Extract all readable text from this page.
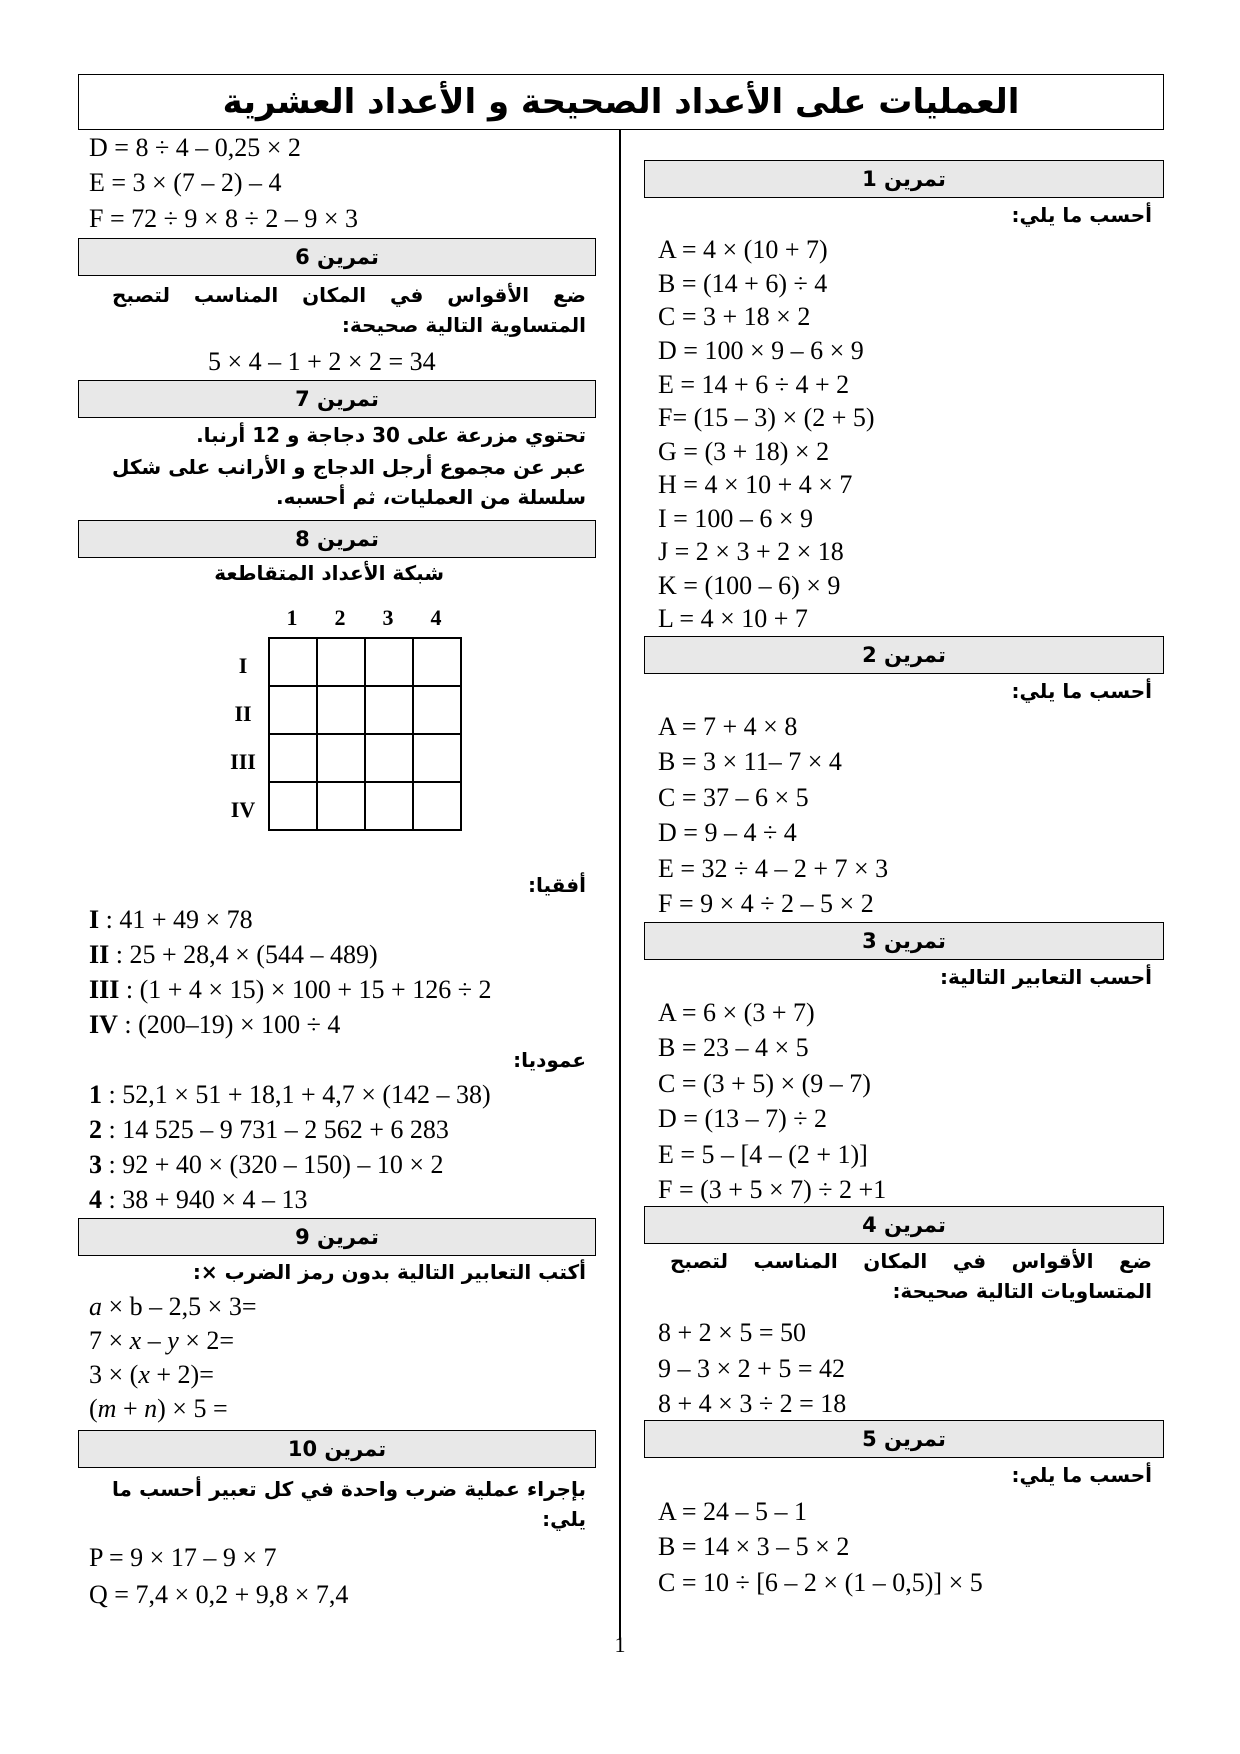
العمليات على الأعداد الصحيحة و الأعداد العشرية
تمرين 1
أحسب ما يلي:
A = 4 × (10 + 7)
B = (14 + 6) ÷ 4
C = 3 + 18 × 2
D = 100 × 9 – 6 × 9
E = 14 + 6 ÷ 4 + 2
F= (15 – 3) × (2 + 5)
G = (3 + 18) × 2
H = 4 × 10 + 4 × 7
I = 100 – 6 × 9
J = 2 × 3 + 2 × 18
K = (100 – 6) × 9
L = 4 × 10 + 7
تمرين 2
أحسب ما يلي:
A = 7 + 4 × 8
B = 3 × 11– 7 × 4
C = 37 – 6 × 5
D = 9 – 4 ÷ 4
E = 32 ÷ 4 – 2 + 7 × 3
F = 9 × 4 ÷ 2 – 5 × 2
تمرين 3
أحسب التعابير التالية:
A = 6 × (3 + 7)
B = 23 – 4 × 5
C = (3 + 5) × (9 – 7)
D = (13 – 7) ÷ 2
E = 5 – [4 – (2 + 1)]
F = (3 + 5 × 7) ÷ 2 +1
تمرين 4
ضع الأقواس في المكان المناسب لتصبح المتساويات التالية صحيحة:
8 + 2 × 5 = 50
9 – 3 × 2 + 5 = 42
8 + 4 × 3 ÷ 2 = 18
تمرين 5
أحسب ما يلي:
A = 24 – 5 – 1
B = 14 × 3 – 5 × 2
C = 10 ÷ [6 – 2 × (1 – 0,5)] × 5
D = 8 ÷ 4 – 0,25 × 2
E = 3 × (7 – 2) – 4
F = 72 ÷ 9 × 8 ÷ 2 – 9 × 3
تمرين 6
ضع الأقواس في المكان المناسب لتصبح المتساوية التالية صحيحة:
5 × 4 – 1 + 2 × 2 = 34
تمرين 7
تحتوي مزرعة على 30 دجاجة و 12 أرنبا.
عبر عن مجموع أرجل الدجاج و الأرانب على شكل سلسلة من العمليات، ثم أحسبه.
تمرين 8
شبكة الأعداد المتقاطعة
1	2	3	4
I
II
III
IV

أفقيا:
I : 41 + 49 × 78
II : 25 + 28,4 × (544 – 489)
III : (1 + 4 × 15) × 100 + 15 + 126 ÷ 2
IV : (200–19) × 100 ÷ 4
عموديا:
1 : 52,1 × 51 + 18,1 + 4,7 × (142 – 38)
2 : 14 525 – 9 731 – 2 562 + 6 283
3 : 92 + 40 × (320 – 150) – 10 × 2
4 : 38 + 940 × 4 – 13
تمرين 9
أكتب التعابير التالية بدون رمز الضرب ×:
a × b – 2,5 × 3=
7 × x – y × 2=
3 × (x + 2)=
(m + n) × 5 =
تمرين 10
بإجراء عملية ضرب واحدة في كل تعبير أحسب ما يلي:
P = 9 × 17 – 9 × 7
Q = 7,4 × 0,2 + 9,8 × 7,4
1
